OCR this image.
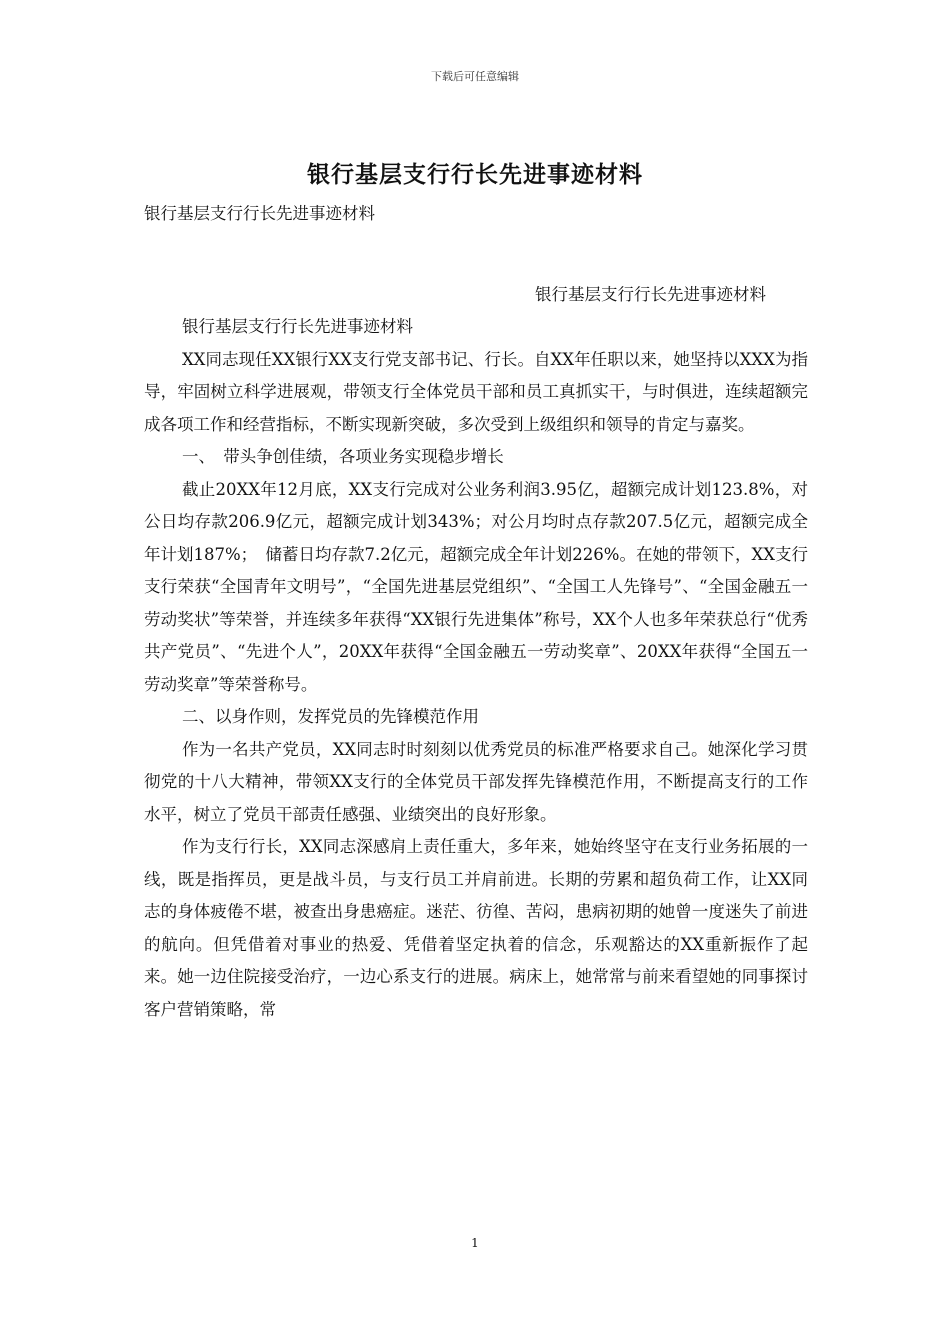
下载后可任意编辑
银行基层支行行长先进事迹材料

银行基层支行行长先进事迹材料

银行基层支行行长先进事迹材料

银行基层支行行长先进事迹材料

XX同志现任XX银行XX支行党支部书记、行长。自XX年任职以来，她坚持以XXX为指导，牢固树立科学进展观，带领支行全体党员干部和员工真抓实干，与时俱进，连续超额完成各项工作和经营指标，不断实现新突破，多次受到上级组织和领导的肯定与嘉奖。

一、　带头争创佳绩，各项业务实现稳步增长

截止20XX年12月底，XX支行完成对公业务利润3.95亿，超额完成计划123.8%，对公日均存款206.9亿元，超额完成计划343%；对公月均时点存款207.5亿元，超额完成全年计划187%；　储蓄日均存款7.2亿元，超额完成全年计划226%。在她的带领下，XX支行支行荣获“全国青年文明号”，“全国先进基层党组织”、“全国工人先锋号”、“全国金融五一劳动奖状”等荣誉，并连续多年获得“XX银行先进集体”称号，XX个人也多年荣获总行“优秀共产党员”、“先进个人”，20XX年获得“全国金融五一劳动奖章”、20XX年获得“全国五一劳动奖章”等荣誉称号。

二、以身作则，发挥党员的先锋模范作用

作为一名共产党员，XX同志时时刻刻以优秀党员的标准严格要求自己。她深化学习贯彻党的十八大精神，带领XX支行的全体党员干部发挥先锋模范作用，不断提高支行的工作水平，树立了党员干部责任感强、业绩突出的良好形象。

作为支行行长，XX同志深感肩上责任重大，多年来，她始终坚守在支行业务拓展的一线，既是指挥员，更是战斗员，与支行员工并肩前进。长期的劳累和超负荷工作，让XX同志的身体疲倦不堪，被查出身患癌症。迷茫、彷徨、苦闷，患病初期的她曾一度迷失了前进的航向。但凭借着对事业的热爱、凭借着坚定执着的信念，乐观豁达的XX重新振作了起来。她一边住院接受治疗，一边心系支行的进展。病床上，她常常与前来看望她的同事探讨客户营销策略，常

1
